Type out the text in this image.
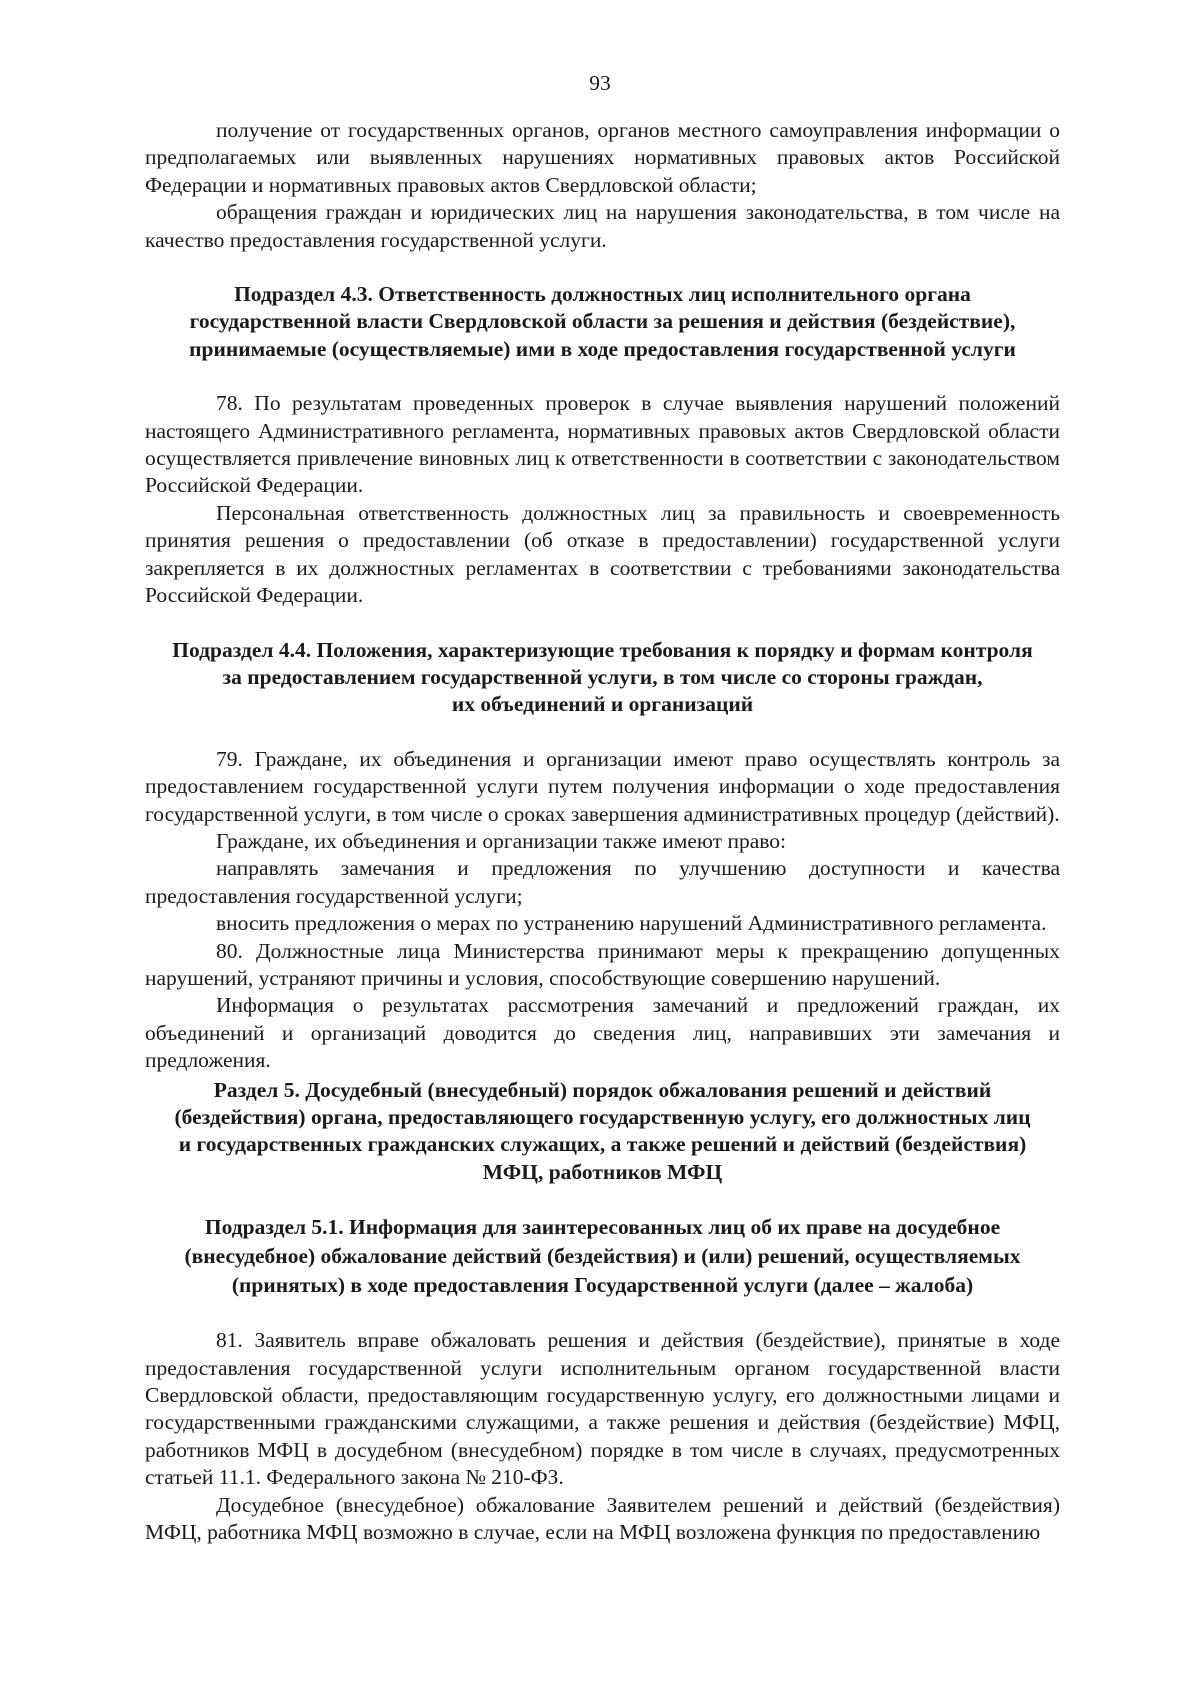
93

получение от государственных органов, органов местного самоуправления информации о предполагаемых или выявленных нарушениях нормативных правовых актов Российской Федерации и нормативных правовых актов Свердловской области;

обращения граждан и юридических лиц на нарушения законодательства, в том числе на качество предоставления государственной услуги.

Подраздел 4.3. Ответственность должностных лиц исполнительного органа
государственной власти Свердловской области за решения и действия (бездействие),
принимаемые (осуществляемые) ими в ходе предоставления государственной услуги

78. По результатам проведенных проверок в случае выявления нарушений положений настоящего Административного регламента, нормативных правовых актов Свердловской области осуществляется привлечение виновных лиц к ответственности в соответствии с законодательством Российской Федерации.

Персональная ответственность должностных лиц за правильность и своевременность принятия решения о предоставлении (об отказе в предоставлении) государственной услуги закрепляется в их должностных регламентах в соответствии с требованиями законодательства Российской Федерации.

Подраздел 4.4. Положения, характеризующие требования к порядку и формам контроля
за предоставлением государственной услуги, в том числе со стороны граждан,
их объединений и организаций

79. Граждане, их объединения и организации имеют право осуществлять контроль за предоставлением государственной услуги путем получения информации о ходе предоставления государственной услуги, в том числе о сроках завершения административных процедур (действий).

Граждане, их объединения и организации также имеют право:

направлять замечания и предложения по улучшению доступности и качества предоставления государственной услуги;

вносить предложения о мерах по устранению нарушений Административного регламента.

80. Должностные лица Министерства принимают меры к прекращению допущенных нарушений, устраняют причины и условия, способствующие совершению нарушений.

Информация о результатах рассмотрения замечаний и предложений граждан, их объединений и организаций доводится до сведения лиц, направивших эти замечания и предложения.

Раздел 5. Досудебный (внесудебный) порядок обжалования решений и действий
(бездействия) органа, предоставляющего государственную услугу, его должностных лиц
и государственных гражданских служащих, а также решений и действий (бездействия)
МФЦ, работников МФЦ
Подраздел 5.1. Информация для заинтересованных лиц об их праве на досудебное
(внесудебное) обжалование действий (бездействия) и (или) решений, осуществляемых
(принятых) в ходе предоставления Государственной услуги (далее – жалоба)

81. Заявитель вправе обжаловать решения и действия (бездействие), принятые в ходе предоставления государственной услуги исполнительным органом государственной власти Свердловской области, предоставляющим государственную услугу, его должностными лицами и государственными гражданскими служащими, а также решения и действия (бездействие) МФЦ, работников МФЦ в досудебном (внесудебном) порядке в том числе в случаях, предусмотренных статьей 11.1. Федерального закона № 210-ФЗ.

Досудебное (внесудебное) обжалование Заявителем решений и действий (бездействия) МФЦ, работника МФЦ возможно в случае, если на МФЦ возложена функция по предоставлению
